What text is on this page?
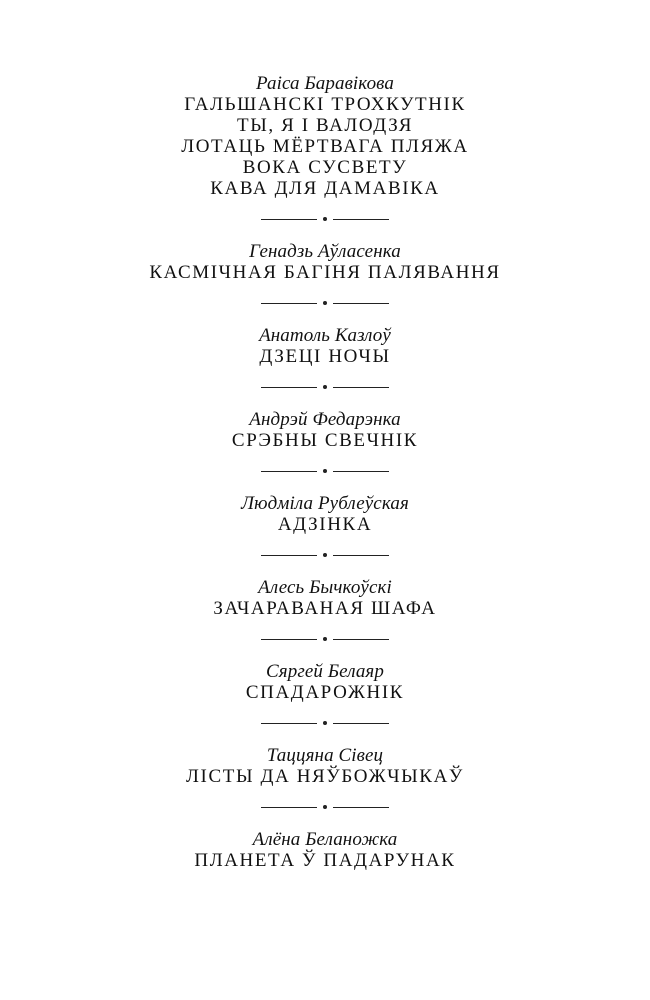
Раіса Баравікова
ГАЛЬШАНСКІ ТРОХКУТНІК
ТЫ, Я І ВАЛОДЗЯ
ЛОТАЦЬ МЁРТВАГА ПЛЯЖА
ВОКА СУСВЕТУ
КАВА ДЛЯ ДАМАВІКА
Генадзь Аўласенка
КАСМІЧНАЯ БАГІНЯ ПАЛЯВАННЯ
Анатоль Казлоў
ДЗЕЦІ НОЧЫ
Андрэй Федарэнка
СРЭБНЫ СВЕЧНІК
Людміла Рублеўская
АДЗІНКА
Алесь Бычкоўскі
ЗАЧАРАВАНАЯ ШАФА
Сяргей Белаяр
СПАДАРОЖНІК
Таццяна Сівец
ЛІСТЫ ДА НЯЎБОЖЧЫКАЎ
Алёна Беланожка
ПЛАНЕТА Ў ПАДАРУНАК
